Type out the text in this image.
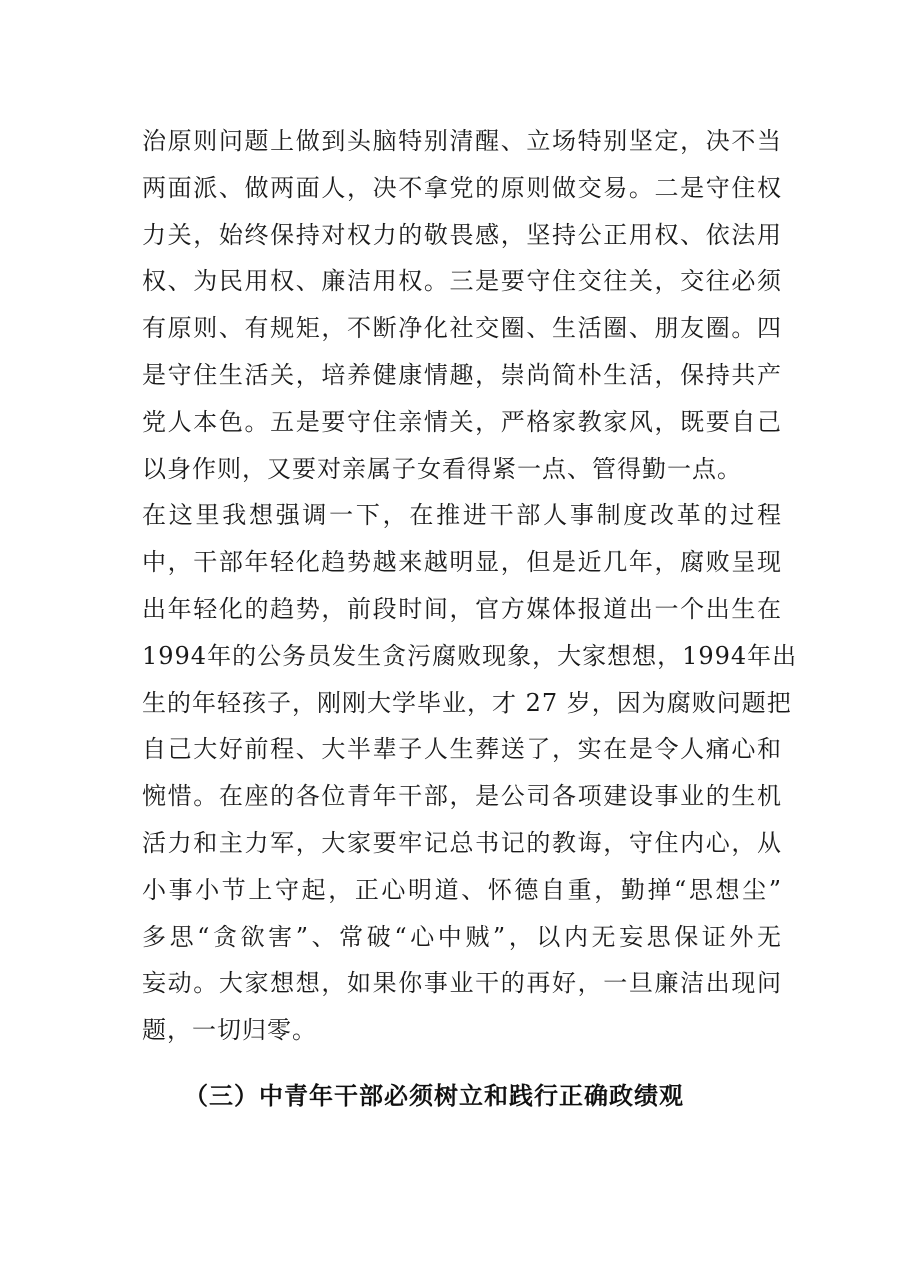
治原则问题上做到头脑特别清醒、立场特别坚定，决不当
两面派、做两面人，决不拿党的原则做交易。二是守住权
力关，始终保持对权力的敬畏感，坚持公正用权、依法用
权、为民用权、廉洁用权。三是要守住交往关，交往必须
有原则、有规矩，不断净化社交圈、生活圈、朋友圈。四
是守住生活关，培养健康情趣，崇尚简朴生活，保持共产
党人本色。五是要守住亲情关，严格家教家风，既要自己
以身作则，又要对亲属子女看得紧一点、管得勤一点。
在这里我想强调一下，在推进干部人事制度改革的过程
中，干部年轻化趋势越来越明显，但是近几年，腐败呈现
出年轻化的趋势，前段时间，官方媒体报道出一个出生在
1994年的公务员发生贪污腐败现象，大家想想，1994年出
生的年轻孩子，刚刚大学毕业，才 27 岁，因为腐败问题把
自己大好前程、大半辈子人生葬送了，实在是令人痛心和
惋惜。在座的各位青年干部，是公司各项建设事业的生机
活力和主力军，大家要牢记总书记的教诲，守住内心，从
小事小节上守起，正心明道、怀德自重，勤掸“思想尘”
多思“贪欲害”、常破“心中贼”，以内无妄思保证外无
妄动。大家想想，如果你事业干的再好，一旦廉洁出现问
题，一切归零。
（三）中青年干部必须树立和践行正确政绩观
